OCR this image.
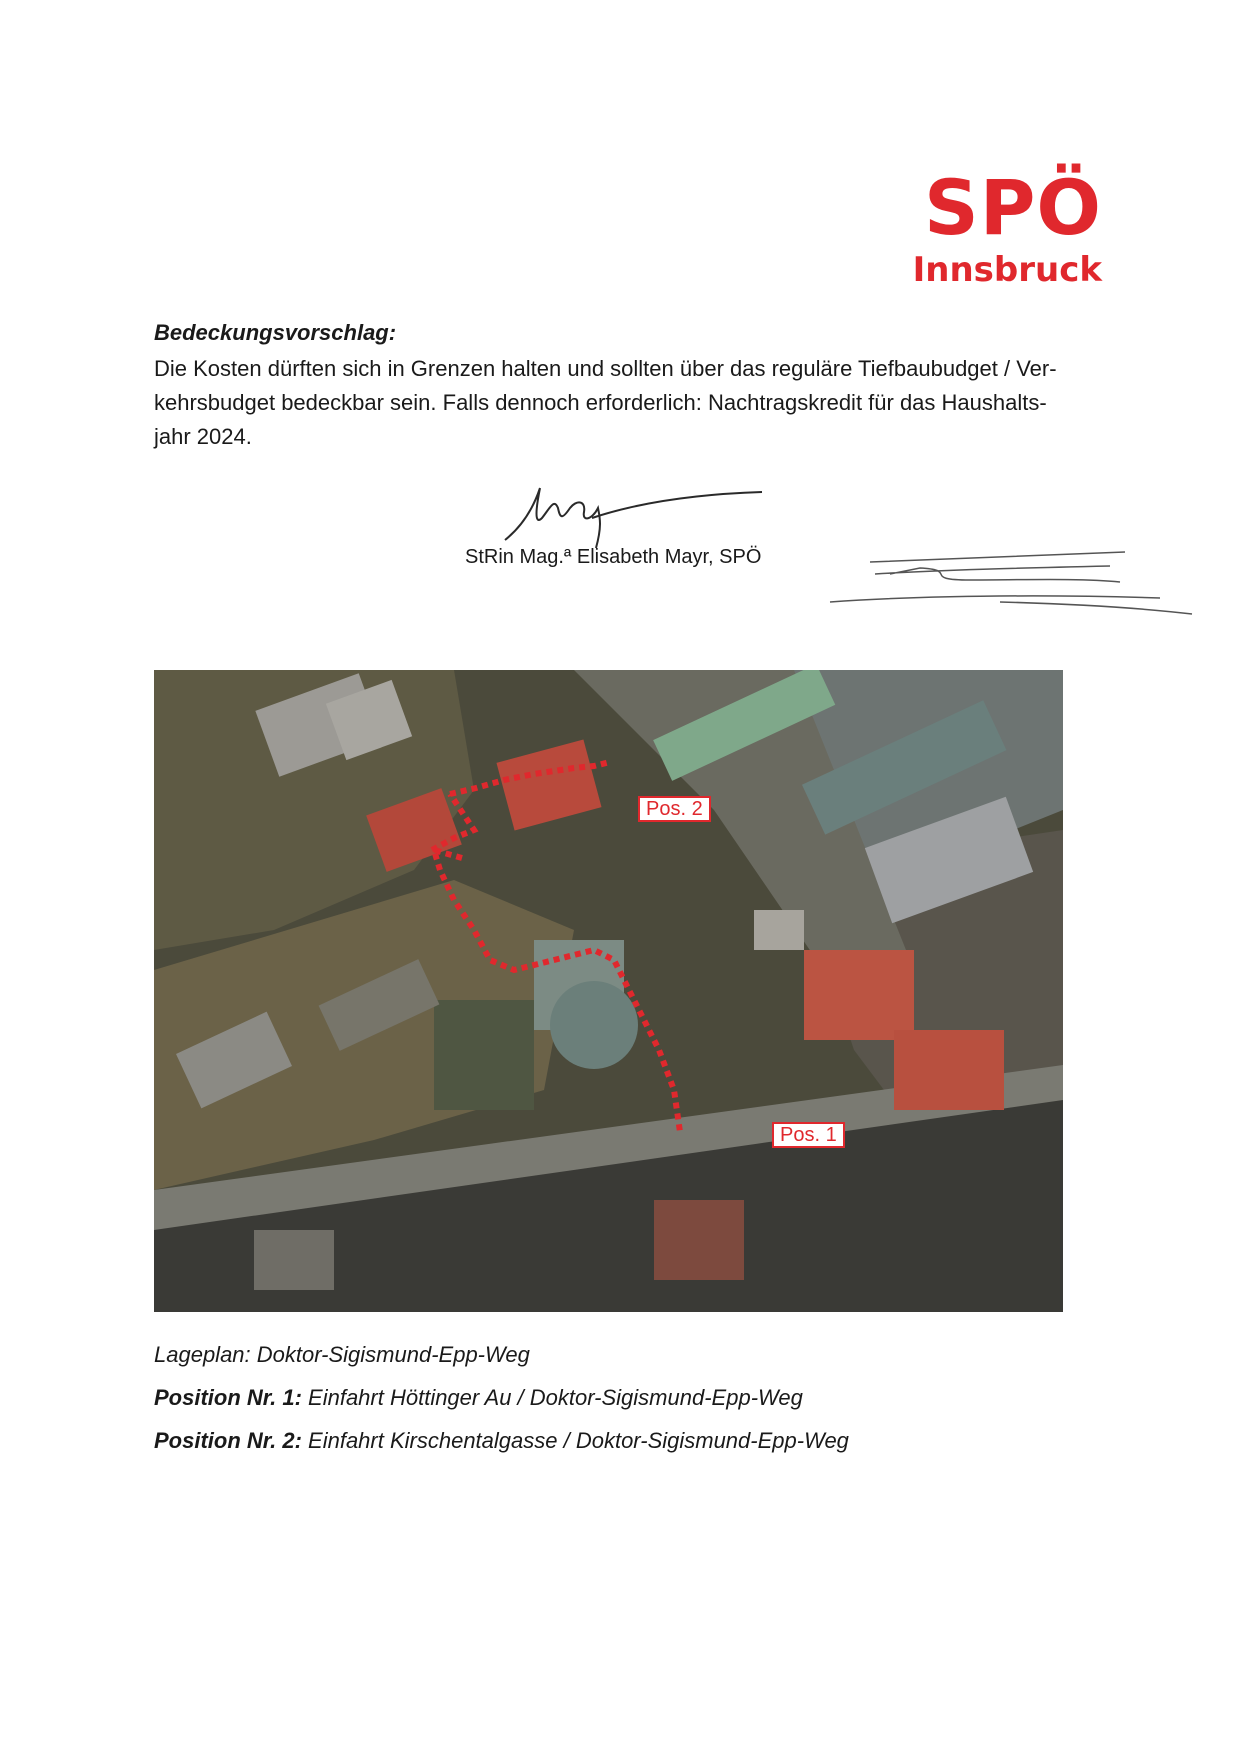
SPÖ
Innsbruck
Bedeckungsvorschlag:
Die Kosten dürften sich in Grenzen halten und sollten über das reguläre Tiefbaubudget / Ver-
kehrsbudget bedeckbar sein. Falls dennoch erforderlich: Nachtragskredit für das Haushalts-
jahr 2024.
StRin Mag.ª Elisabeth Mayr, SPÖ
Pos. 1
Pos. 2
Lageplan: Doktor-Sigismund-Epp-Weg
Position Nr. 1: Einfahrt Höttinger Au / Doktor-Sigismund-Epp-Weg
Position Nr. 2: Einfahrt Kirschentalgasse / Doktor-Sigismund-Epp-Weg
